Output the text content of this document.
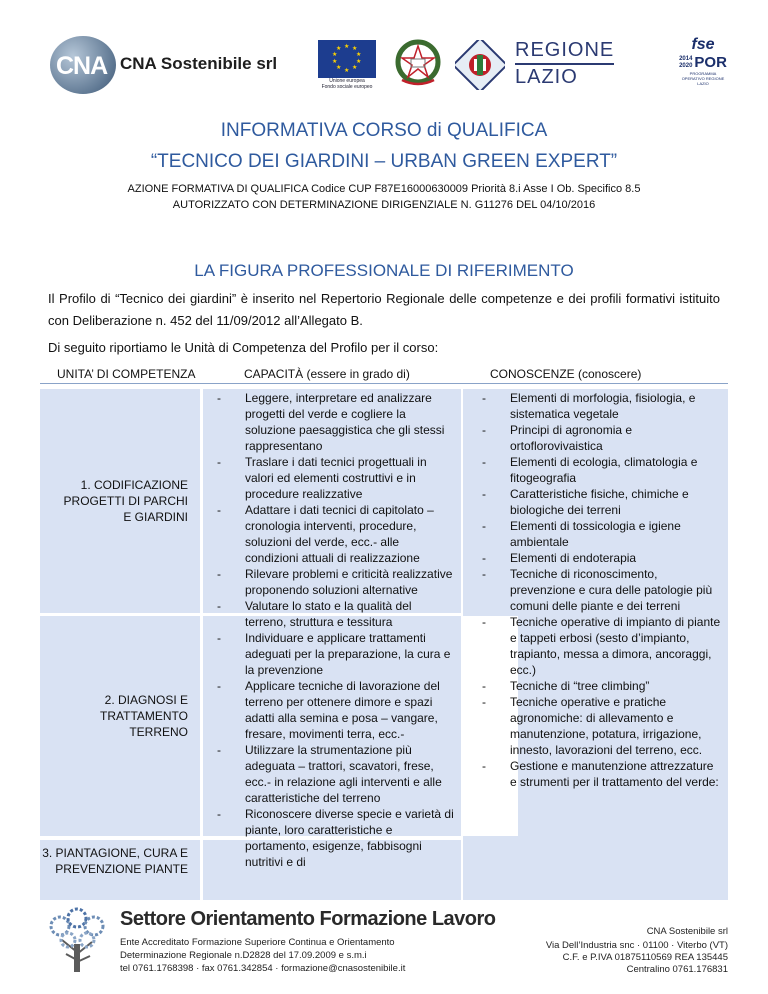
CNA CNA Sostenibile srl
★ ★
★
★
★
★
★
★
★
★
Unione europea
Fondo sociale europeo
REGIONE
LAZIO
fse
2014
2020 POR
PROGRAMMA OPERATIVO REGIONE LAZIO
INFORMATIVA CORSO di QUALIFICA
“TECNICO DEI GIARDINI – URBAN GREEN EXPERT”
AZIONE FORMATIVA DI QUALIFICA Codice CUP F87E16000630009 Priorità 8.i Asse I Ob. Specifico 8.5
AUTORIZZATO CON DETERMINAZIONE DIRIGENZIALE N. G11276 DEL 04/10/2016
LA FIGURA PROFESSIONALE DI RIFERIMENTO
Il Profilo di “Tecnico dei giardini” è inserito nel Repertorio Regionale delle competenze e dei profili formativi istituito con Deliberazione n. 452 del 11/09/2012 all’Allegato B.
Di seguito riportiamo le Unità di Competenza del Profilo per il corso:
UNITA’ DI COMPETENZA	CAPACITÀ (essere in grado di)	CONOSCENZE (conoscere)
1. CODIFICAZIONE PROGETTI DI PARCHI E GIARDINI
2. DIAGNOSI E TRATTAMENTO TERRENO
3. PIANTAGIONE, CURA E PREVENZIONE PIANTE
- Leggere, interpretare ed analizzare progetti del verde e cogliere la soluzione paesaggistica che gli stessi rappresentano
- Traslare i dati tecnici progettuali in valori ed elementi costruttivi e in procedure realizzative
- Adattare i dati tecnici di capitolato –cronologia interventi, procedure, soluzioni del verde, ecc.- alle condizioni attuali di realizzazione
- Rilevare problemi e criticità realizzative proponendo soluzioni alternative
- Valutare lo stato e la qualità del terreno, struttura e tessitura
- Individuare e applicare trattamenti adeguati per la preparazione, la cura e la prevenzione
- Applicare tecniche di lavorazione del terreno per ottenere dimore e spazi adatti alla semina e posa – vangare, fresare, movimenti terra, ecc.-
- Utilizzare la strumentazione più adeguata – trattori, scavatori, frese, ecc.- in relazione agli interventi e alle caratteristiche del terreno
- Riconoscere diverse specie e varietà di piante, loro caratteristiche e portamento, esigenze, fabbisogni nutritivi e di
- Elementi di morfologia, fisiologia, e sistematica vegetale
- Principi di agronomia e ortoflorovivaistica
- Elementi di ecologia, climatologia e fitogeografia
- Caratteristiche fisiche, chimiche e biologiche dei terreni
- Elementi di tossicologia e igiene ambientale
- Elementi di endoterapia
- Tecniche di riconoscimento, prevenzione e cura delle patologie più comuni delle piante e dei terreni
- Tecniche operative di impianto di piante e tappeti erbosi (sesto d’impianto, trapianto, messa a dimora, ancoraggi, ecc.)
- Tecniche di “tree climbing”
- Tecniche operative e pratiche agronomiche: di allevamento e manutenzione, potatura, irrigazione, innesto, lavorazioni del terreno, ecc.
- Gestione e manutenzione attrezzature e strumenti per il trattamento del verde:
Settore Orientamento Formazione Lavoro
Ente Accreditato Formazione Superiore Continua e Orientamento
Determinazione Regionale n.D2828 del 17.09.2009 e s.m.i
tel 0761.1768398 · fax 0761.342854 · formazione@cnasostenibile.it
CNA Sostenibile srl
Via Dell’Industria snc · 01100 · Viterbo (VT)
C.F. e P.IVA 01875110569 REA 135445
Centralino 0761.176831
